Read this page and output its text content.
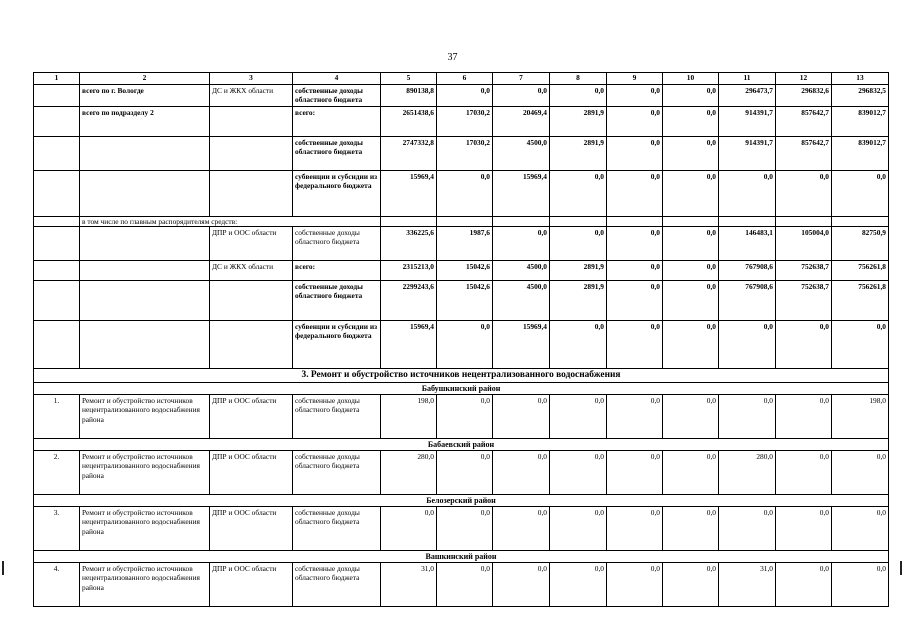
37
1	2	3	4	5	6	7	8	9	10	11	12	13
	всего по г. Вологде	ДС и ЖКХ области	собственные доходы областного бюджета	890138,8	0,0	0,0	0,0	0,0	0,0	296473,7	296832,6	296832,5
	всего по подразделу 2		всего:	2651438,6	17030,2	20469,4	2891,9	0,0	0,0	914391,7	857642,7	839012,7
			собственные доходы областного бюджета	2747332,8	17030,2	4500,0	2891,9	0,0	0,0	914391,7	857642,7	839012,7
			субвенции и субсидии из федерального бюджета	15969,4	0,0	15969,4	0,0	0,0	0,0	0,0	0,0	0,0
	в том числе по главным распорядителям средств:											
		ДПР и ООС области	собственные доходы областного бюджета	336225,6	1987,6	0,0	0,0	0,0	0,0	146483,1	105004,0	82750,9
		ДС и ЖКХ области	всего:	2315213,0	15042,6	4500,0	2891,9	0,0	0,0	767908,6	752638,7	756261,8
			собственные доходы областного бюджета	2299243,6	15042,6	4500,0	2891,9	0,0	0,0	767908,6	752638,7	756261,8
			субвенции и субсидии из федерального бюджета	15969,4	0,0	15969,4	0,0	0,0	0,0	0,0	0,0	0,0
3. Ремонт и обустройство источников нецентрализованного водоснабжения												
Бабушкинский район												
1.	Ремонт и обустройство источников нецентрализованного водоснабжения района	ДПР и ООС области	собственные доходы областного бюджета	198,0	0,0	0,0	0,0	0,0	0,0	0,0	0,0	198,0
Бабаевский район												
2.	Ремонт и обустройство источников нецентрализованного водоснабжения района	ДПР и ООС области	собственные доходы областного бюджета	280,0	0,0	0,0	0,0	0,0	0,0	280,0	0,0	0,0
Белозерский район												
3.	Ремонт и обустройство источников нецентрализованного водоснабжения района	ДПР и ООС области	собственные доходы областного бюджета	0,0	0,0	0,0	0,0	0,0	0,0	0,0	0,0	0,0
Вашкинский район												
4.	Ремонт и обустройство источников нецентрализованного водоснабжения района	ДПР и ООС области	собственные доходы областного бюджета	31,0	0,0	0,0	0,0	0,0	0,0	31,0	0,0	0,0
